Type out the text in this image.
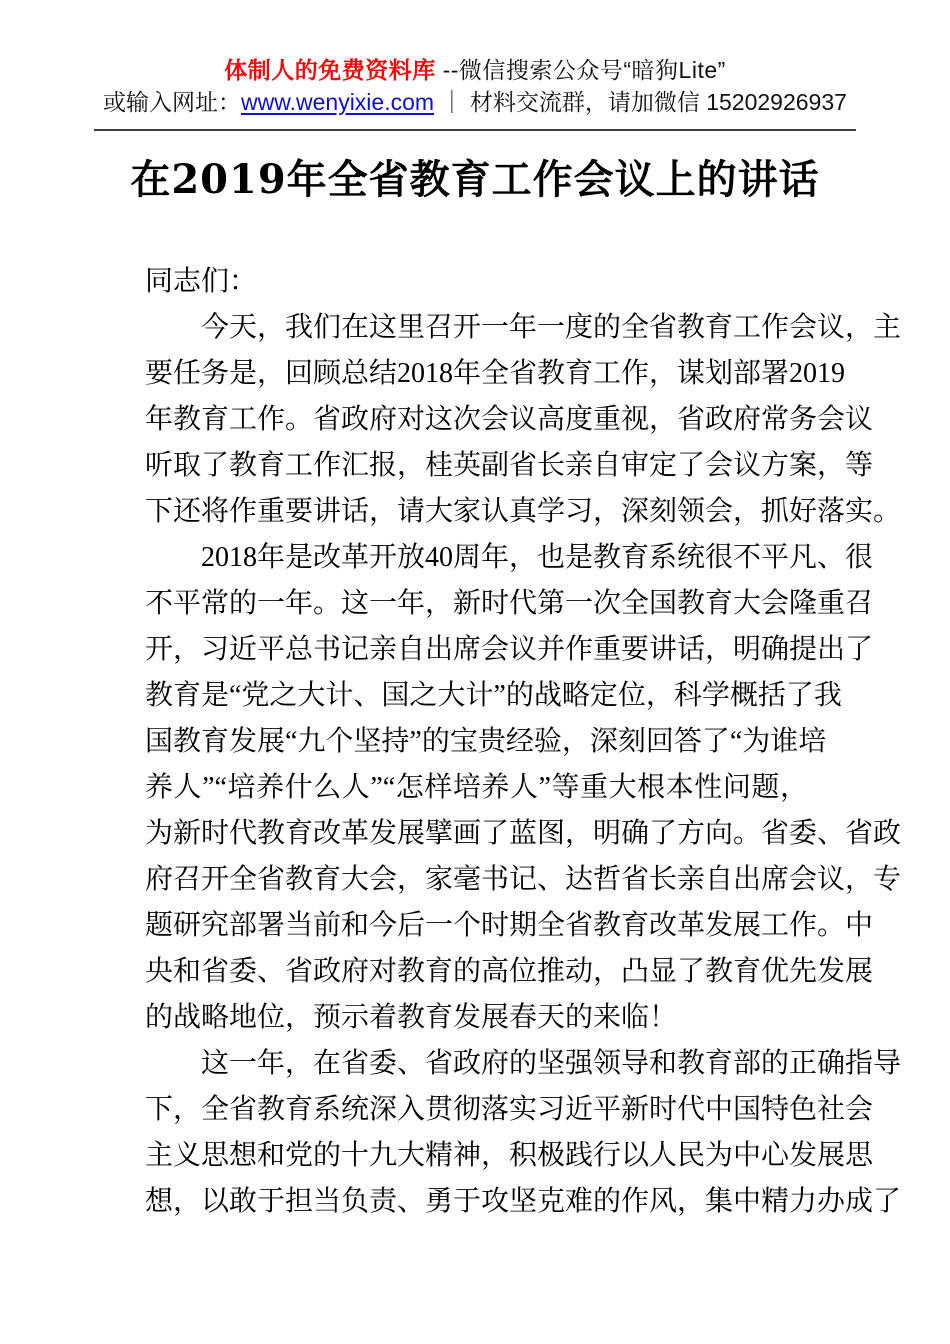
体制人的免费资料库 --微信搜索公众号“暗狗Lite”
或输入网址：www.wenyixie.com ｜ 材料交流群，请加微信 15202926937
在2019年全省教育工作会议上的讲话
同志们：
今天，我们在这里召开一年一度的全省教育工作会议，主
要任务是，回顾总结2018年全省教育工作，谋划部署2019
年教育工作。省政府对这次会议高度重视，省政府常务会议
听取了教育工作汇报，桂英副省长亲自审定了会议方案，等
下还将作重要讲话，请大家认真学习，深刻领会，抓好落实。
2018年是改革开放40周年，也是教育系统很不平凡、很
不平常的一年。这一年，新时代第一次全国教育大会隆重召
开，习近平总书记亲自出席会议并作重要讲话，明确提出了
教育是“党之大计、国之大计”的战略定位，科学概括了我
国教育发展“九个坚持”的宝贵经验，深刻回答了“为谁培
养人”“培养什么人”“怎样培养人”等重大根本性问题，
为新时代教育改革发展擘画了蓝图，明确了方向。省委、省政
府召开全省教育大会，家毫书记、达哲省长亲自出席会议，专
题研究部署当前和今后一个时期全省教育改革发展工作。中
央和省委、省政府对教育的高位推动，凸显了教育优先发展
的战略地位，预示着教育发展春天的来临！
这一年，在省委、省政府的坚强领导和教育部的正确指导
下，全省教育系统深入贯彻落实习近平新时代中国特色社会
主义思想和党的十九大精神，积极践行以人民为中心发展思
想，以敢于担当负责、勇于攻坚克难的作风，集中精力办成了
